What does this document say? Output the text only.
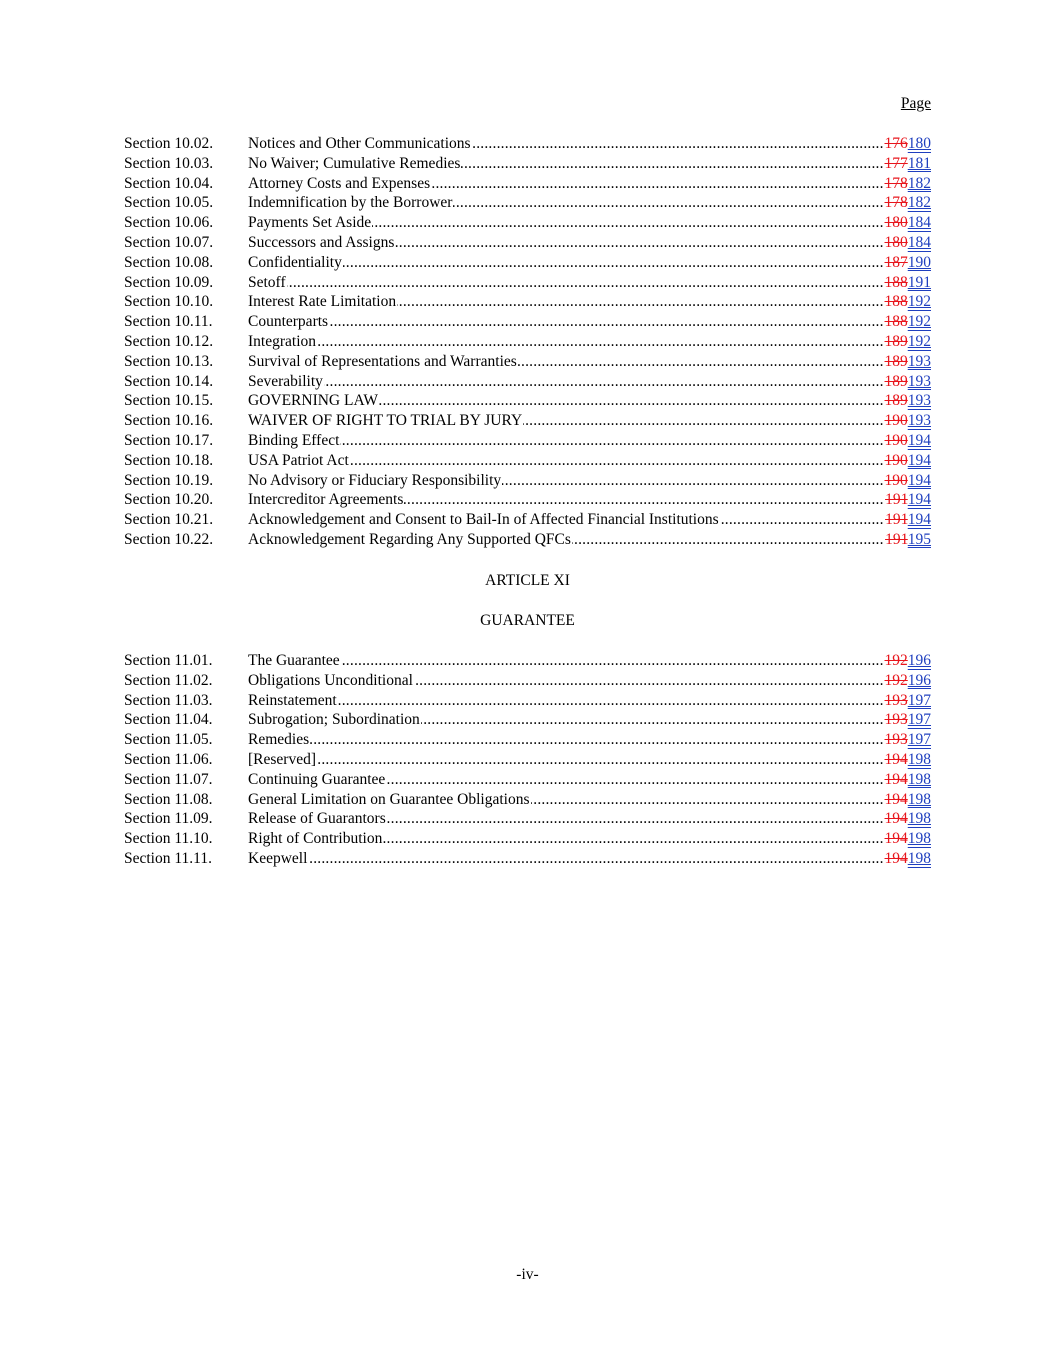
Page
Section 10.02.	Notices and Other Communications .....	176180
Section 10.03.	No Waiver; Cumulative Remedies .....	177181
Section 10.04.	Attorney Costs and Expenses .....	178182
Section 10.05.	Indemnification by the Borrower .....	178182
Section 10.06.	Payments Set Aside .....	180184
Section 10.07.	Successors and Assigns .....	180184
Section 10.08.	Confidentiality .....	187190
Section 10.09.	Setoff .....	188191
Section 10.10.	Interest Rate Limitation .....	188192
Section 10.11.	Counterparts .....	188192
Section 10.12.	Integration .....	189192
Section 10.13.	Survival of Representations and Warranties .....	189193
Section 10.14.	Severability .....	189193
Section 10.15.	GOVERNING LAW .....	189193
Section 10.16.	WAIVER OF RIGHT TO TRIAL BY JURY .....	190193
Section 10.17.	Binding Effect .....	190194
Section 10.18.	USA Patriot Act .....	190194
Section 10.19.	No Advisory or Fiduciary Responsibility .....	190194
Section 10.20.	Intercreditor Agreements .....	191194
Section 10.21.	Acknowledgement and Consent to Bail-In of Affected Financial Institutions .....	191194
Section 10.22.	Acknowledgement Regarding Any Supported QFCs .....	191195
ARTICLE XI
GUARANTEE
Section 11.01.	The Guarantee .....	192196
Section 11.02.	Obligations Unconditional .....	192196
Section 11.03.	Reinstatement .....	193197
Section 11.04.	Subrogation; Subordination .....	193197
Section 11.05.	Remedies .....	193197
Section 11.06.	[Reserved] .....	194198
Section 11.07.	Continuing Guarantee .....	194198
Section 11.08.	General Limitation on Guarantee Obligations .....	194198
Section 11.09.	Release of Guarantors .....	194198
Section 11.10.	Right of Contribution .....	194198
Section 11.11.	Keepwell .....	194198
-iv-
